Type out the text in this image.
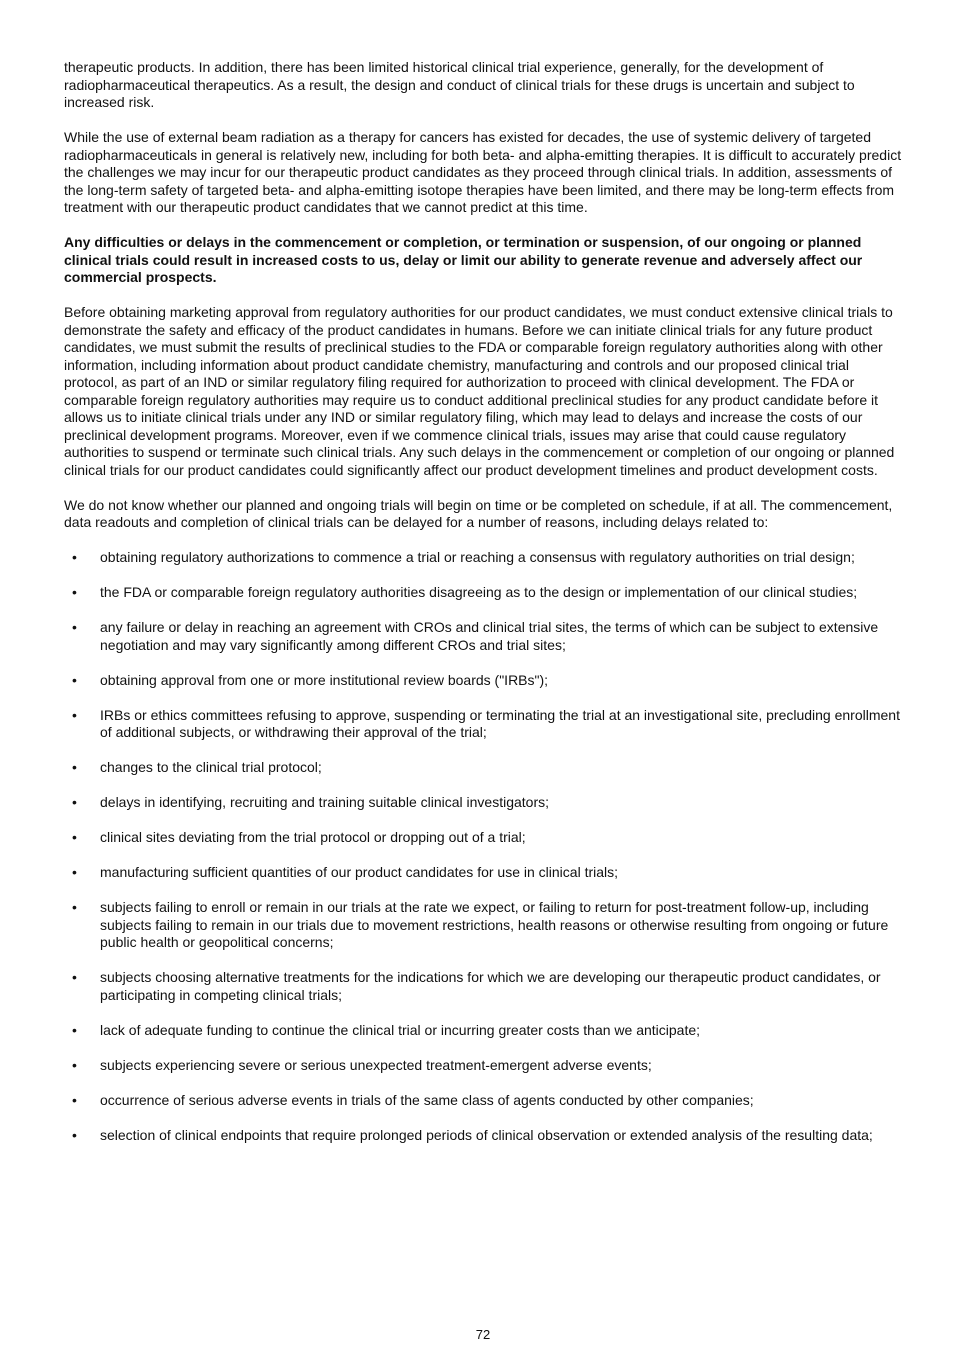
therapeutic products. In addition, there has been limited historical clinical trial experience, generally, for the development of radiopharmaceutical therapeutics. As a result, the design and conduct of clinical trials for these drugs is uncertain and subject to increased risk.

While the use of external beam radiation as a therapy for cancers has existed for decades, the use of systemic delivery of targeted radiopharmaceuticals in general is relatively new, including for both beta- and alpha-emitting therapies. It is difficult to accurately predict the challenges we may incur for our therapeutic product candidates as they proceed through clinical trials. In addition, assessments of the long-term safety of targeted beta- and alpha-emitting isotope therapies have been limited, and there may be long-term effects from treatment with our therapeutic product candidates that we cannot predict at this time.

Any difficulties or delays in the commencement or completion, or termination or suspension, of our ongoing or planned clinical trials could result in increased costs to us, delay or limit our ability to generate revenue and adversely affect our commercial prospects.

Before obtaining marketing approval from regulatory authorities for our product candidates, we must conduct extensive clinical trials to demonstrate the safety and efficacy of the product candidates in humans. Before we can initiate clinical trials for any future product candidates, we must submit the results of preclinical studies to the FDA or comparable foreign regulatory authorities along with other information, including information about product candidate chemistry, manufacturing and controls and our proposed clinical trial protocol, as part of an IND or similar regulatory filing required for authorization to proceed with clinical development. The FDA or comparable foreign regulatory authorities may require us to conduct additional preclinical studies for any product candidate before it allows us to initiate clinical trials under any IND or similar regulatory filing, which may lead to delays and increase the costs of our preclinical development programs. Moreover, even if we commence clinical trials, issues may arise that could cause regulatory authorities to suspend or terminate such clinical trials. Any such delays in the commencement or completion of our ongoing or planned clinical trials for our product candidates could significantly affect our product development timelines and product development costs.

We do not know whether our planned and ongoing trials will begin on time or be completed on schedule, if at all. The commencement, data readouts and completion of clinical trials can be delayed for a number of reasons, including delays related to:

• obtaining regulatory authorizations to commence a trial or reaching a consensus with regulatory authorities on trial design;
• the FDA or comparable foreign regulatory authorities disagreeing as to the design or implementation of our clinical studies;
• any failure or delay in reaching an agreement with CROs and clinical trial sites, the terms of which can be subject to extensive negotiation and may vary significantly among different CROs and trial sites;
• obtaining approval from one or more institutional review boards ("IRBs");
• IRBs or ethics committees refusing to approve, suspending or terminating the trial at an investigational site, precluding enrollment of additional subjects, or withdrawing their approval of the trial;
• changes to the clinical trial protocol;
• delays in identifying, recruiting and training suitable clinical investigators;
• clinical sites deviating from the trial protocol or dropping out of a trial;
• manufacturing sufficient quantities of our product candidates for use in clinical trials;
• subjects failing to enroll or remain in our trials at the rate we expect, or failing to return for post-treatment follow-up, including subjects failing to remain in our trials due to movement restrictions, health reasons or otherwise resulting from ongoing or future public health or geopolitical concerns;
• subjects choosing alternative treatments for the indications for which we are developing our therapeutic product candidates, or participating in competing clinical trials;
• lack of adequate funding to continue the clinical trial or incurring greater costs than we anticipate;
• subjects experiencing severe or serious unexpected treatment-emergent adverse events;
• occurrence of serious adverse events in trials of the same class of agents conducted by other companies;
• selection of clinical endpoints that require prolonged periods of clinical observation or extended analysis of the resulting data;
72
